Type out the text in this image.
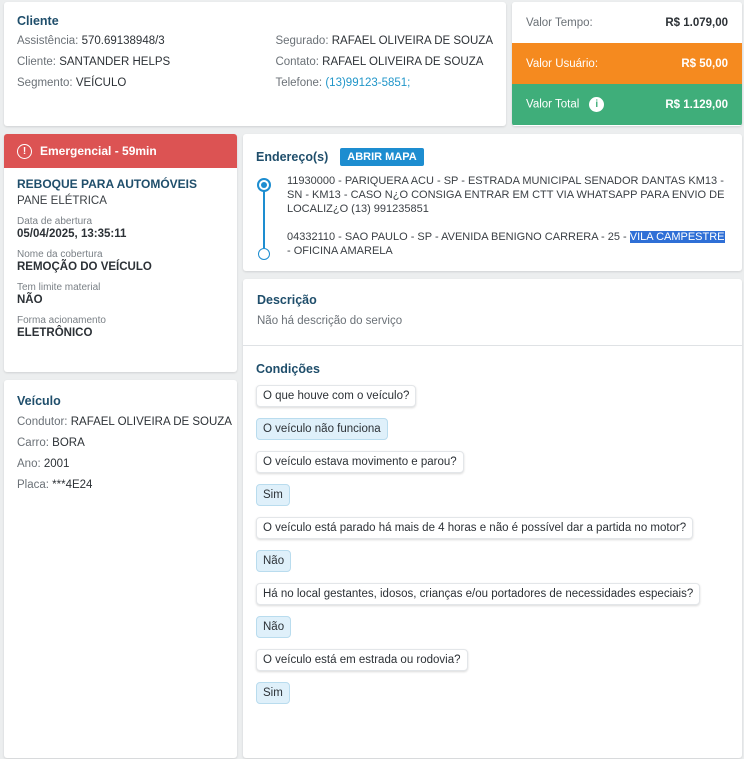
Cliente
Assistência: 570.69138948/3
Cliente: SANTANDER HELPS
Segmento: VEÍCULO
Segurado: RAFAEL OLIVEIRA DE SOUZA
Contato: RAFAEL OLIVEIRA DE SOUZA
Telefone: (13)99123-5851;
Valor Tempo:	R$ 1.079,00
Valor Usuário:	R$ 50,00
Valor Total i	R$ 1.129,00
!	Emergencial - 59min
REBOQUE PARA AUTOMÓVEIS
PANE ELÉTRICA
Data de abertura
05/04/2025, 13:35:11
Nome da cobertura
REMOÇÃO DO VEÍCULO
Tem limite material
NÃO
Forma acionamento
ELETRÔNICO
Veículo
Condutor: RAFAEL OLIVEIRA DE SOUZA
Carro: BORA
Ano: 2001
Placa: ***4E24
Endereço(s)	ABRIR MAPA
11930000 - PARIQUERA ACU - SP - ESTRADA MUNICIPAL SENADOR DANTAS KM13 - SN - KM13 - CASO N¿O CONSIGA ENTRAR EM CTT VIA WHATSAPP PARA ENVIO DE LOCALIZ¿O (13) 991235851
04332110 - SAO PAULO - SP - AVENIDA BENIGNO CARRERA - 25 - VILA CAMPESTRE - OFICINA AMARELA
Descrição
Não há descrição do serviço
Condições
O que houve com o veículo?
O veículo não funciona
O veículo estava movimento e parou?
Sim
O veículo está parado há mais de 4 horas e não é possível dar a partida no motor?
Não
Há no local gestantes, idosos, crianças e/ou portadores de necessidades especiais?
Não
O veículo está em estrada ou rodovia?
Sim
